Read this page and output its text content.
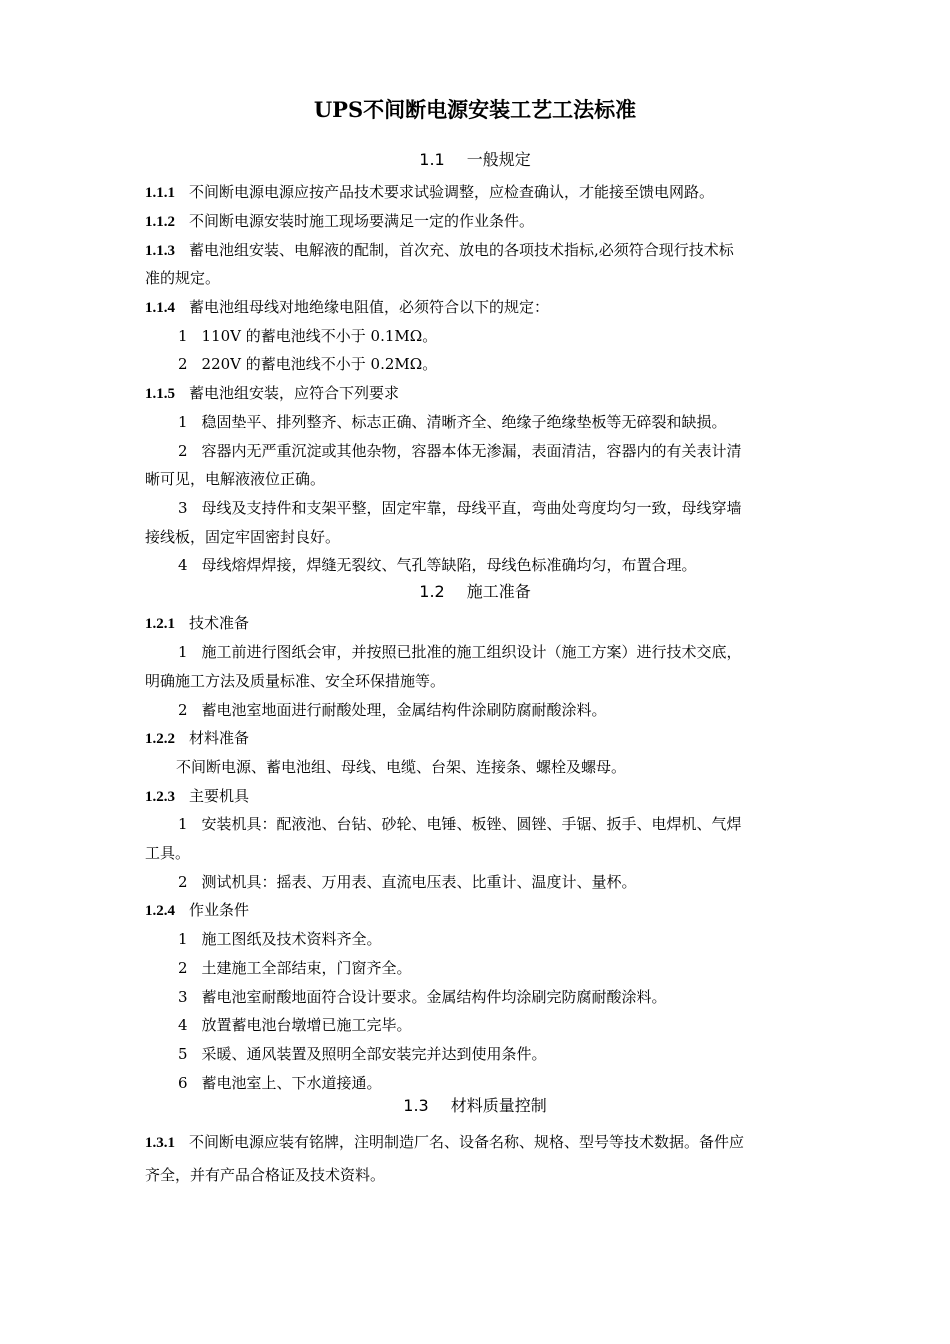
UPS不间断电源安装工艺工法标准
1.1 一般规定
1.1.1 不间断电源电源应按产品技术要求试验调整，应检查确认，才能接至馈电网路。
1.1.2 不间断电源安装时施工现场要满足一定的作业条件。
1.1.3 蓄电池组安装、电解液的配制，首次充、放电的各项技术指标,必须符合现行技术标
准的规定。
1.1.4 蓄电池组母线对地绝缘电阻值，必须符合以下的规定：
1 110V 的蓄电池线不小于 0.1MΩ。
2 220V 的蓄电池线不小于 0.2MΩ。
1.1.5 蓄电池组安装，应符合下列要求
1 稳固垫平、排列整齐、标志正确、清晰齐全、绝缘子绝缘垫板等无碎裂和缺损。
2 容器内无严重沉淀或其他杂物，容器本体无渗漏，表面清洁，容器内的有关表计清
晰可见，电解液液位正确。
3 母线及支持件和支架平整，固定牢靠，母线平直，弯曲处弯度均匀一致，母线穿墙
接线板，固定牢固密封良好。
4 母线熔焊焊接，焊缝无裂纹、气孔等缺陷，母线色标准确均匀，布置合理。
1.2 施工准备
1.2.1 技术准备
1 施工前进行图纸会审，并按照已批准的施工组织设计（施工方案）进行技术交底，
明确施工方法及质量标准、安全环保措施等。
2 蓄电池室地面进行耐酸处理，金属结构件涂刷防腐耐酸涂料。
1.2.2 材料准备
不间断电源、蓄电池组、母线、电缆、台架、连接条、螺栓及螺母。
1.2.3 主要机具
1 安装机具：配液池、台钻、砂轮、电锤、板锉、圆锉、手锯、扳手、电焊机、气焊
工具。
2 测试机具：摇表、万用表、直流电压表、比重计、温度计、量杯。
1.2.4 作业条件
1 施工图纸及技术资料齐全。
2 土建施工全部结束，门窗齐全。
3 蓄电池室耐酸地面符合设计要求。金属结构件均涂刷完防腐耐酸涂料。
4 放置蓄电池台墩增已施工完毕。
5 采暖、通风装置及照明全部安装完并达到使用条件。
6 蓄电池室上、下水道接通。
1.3 材料质量控制
1.3.1 不间断电源应装有铭牌，注明制造厂名、设备名称、规格、型号等技术数据。备件应
齐全，并有产品合格证及技术资料。
